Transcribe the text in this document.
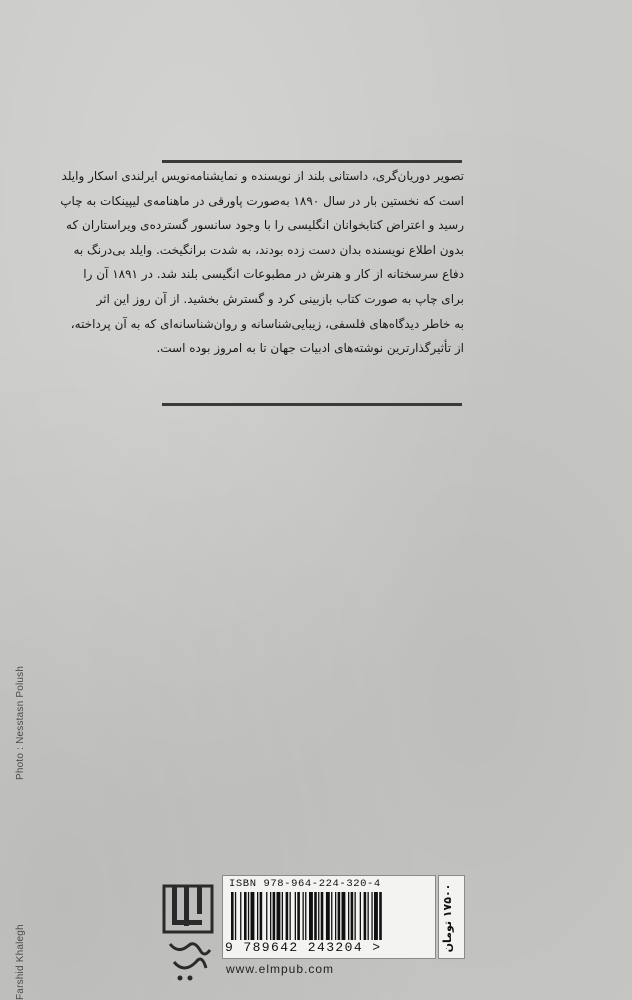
تصویر دوریان‌گری، داستانی بلند از نویسنده و نمایشنامه‌نویس ایرلندی اسکار وایلد
است که نخستین بار در سال ۱۸۹۰ به‌صورت پاورقی در ماهنامه‌ی لیپینکات به چاپ
رسید و اعتراض کتابخوانان انگلیسی را با وجود سانسور گسترده‌ی ویراستاران که
بدون اطلاع نویسنده بدان دست زده بودند، به شدت برانگیخت. وایلد بی‌درنگ به
دفاع سرسختانه از کار و هنرش در مطبوعات انگیسی بلند شد. در ۱۸۹۱ آن را
برای چاپ به صورت کتاب بازبینی کرد و گسترش بخشید. از آن روز این اثر
به خاطر دیدگاه‌های فلسفی، زیبایی‌شناسانه و روان‌شناسانه‌ای که به آن پرداخته،
از تأثیرگذارترین نوشته‌های ادبیات جهان تا به امروز بوده است.
Farshid Khalegh
Photo : Nesstasn Polush
ISBN 978-964-224-320-4
9 789642 243204 >	۱۷۵۰۰ تومان
www.elmpub.com
